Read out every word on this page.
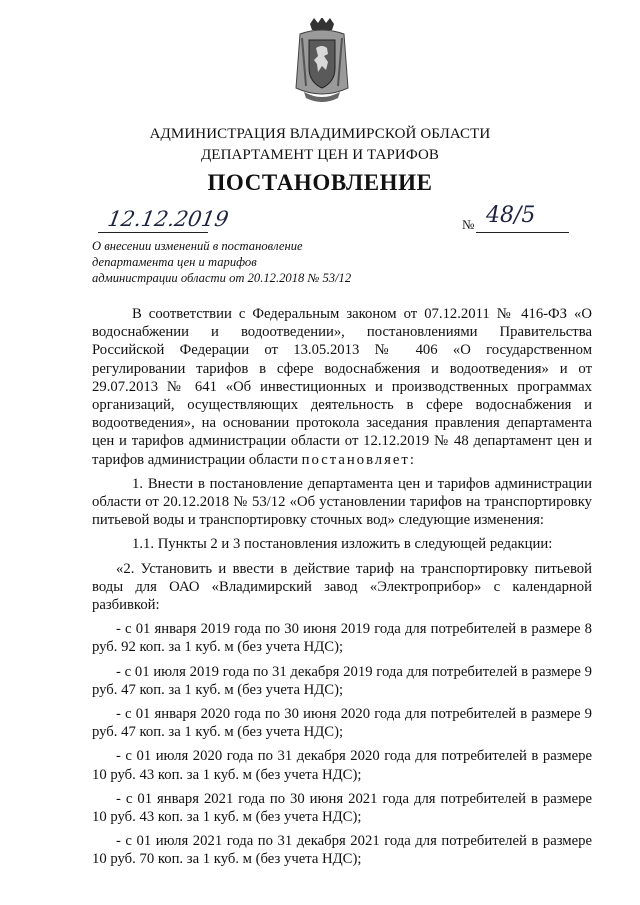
АДМИНИСТРАЦИЯ ВЛАДИМИРСКОЙ ОБЛАСТИ
ДЕПАРТАМЕНТ ЦЕН И ТАРИФОВ
ПОСТАНОВЛЕНИЕ
12.12.2019	№ 48/5
О внесении изменений в постановление
департамента цен и тарифов
администрации области от 20.12.2018 № 53/12

В соответствии с Федеральным законом от 07.12.2011 № 416-ФЗ «О водоснабжении и водоотведении», постановлениями Правительства Российской Федерации от 13.05.2013 № 406 «О государственном регулировании тарифов в сфере водоснабжения и водоотведения» и от 29.07.2013 № 641 «Об инвестиционных и производственных программах организаций, осуществляющих деятельность в сфере водоснабжения и водоотведения», на основании протокола заседания правления департамента цен и тарифов администрации области от 12.12.2019 № 48 департамент цен и тарифов администрации области постановляет:

1. Внести в постановление департамента цен и тарифов администрации области от 20.12.2018 № 53/12 «Об установлении тарифов на транспортировку питьевой воды и транспортировку сточных вод» следующие изменения:

1.1. Пункты 2 и 3 постановления изложить в следующей редакции:

«2. Установить и ввести в действие тариф на транспортировку питьевой воды для ОАО «Владимирский завод «Электроприбор» с календарной разбивкой:

- с 01 января 2019 года по 30 июня 2019 года для потребителей в размере 8 руб. 92 коп. за 1 куб. м (без учета НДС);

- с 01 июля 2019 года по 31 декабря 2019 года для потребителей в размере 9 руб. 47 коп. за 1 куб. м (без учета НДС);

- с 01 января 2020 года по 30 июня 2020 года для потребителей в размере 9 руб. 47 коп. за 1 куб. м (без учета НДС);

- с 01 июля 2020 года по 31 декабря 2020 года для потребителей в размере 10 руб. 43 коп. за 1 куб. м (без учета НДС);

- с 01 января 2021 года по 30 июня 2021 года для потребителей в размере 10 руб. 43 коп. за 1 куб. м (без учета НДС);

- с 01 июля 2021 года по 31 декабря 2021 года для потребителей в размере 10 руб. 70 коп. за 1 куб. м (без учета НДС);
